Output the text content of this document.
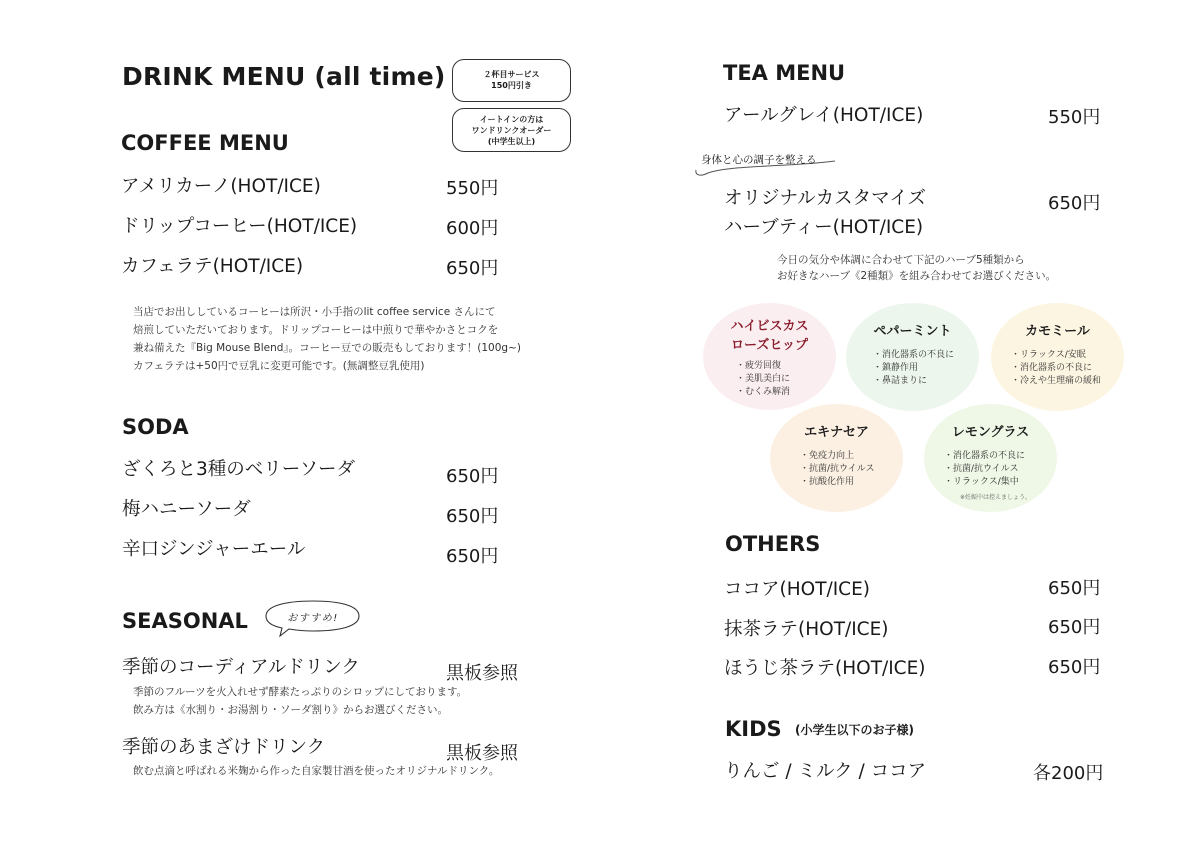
DRINK MENU (all time)	２杯目サービス
150円引き
イートインの方は
ワンドリンクオーダー
(中学生以上)
COFFEE MENU
アメリカーノ(HOT/ICE)	550円
ドリップコーヒー(HOT/ICE)	600円
カフェラテ(HOT/ICE)	650円
当店でお出ししているコーヒーは所沢・小手指のlit coffee service さんにて
焙煎していただいております。ドリップコーヒーは中煎りで華やかさとコクを
兼ね備えた『Big Mouse Blend』。コーヒー豆での販売もしております！(100g~)
カフェラテは+50円で豆乳に変更可能です。(無調整豆乳使用)
SODA
ざくろと3種のベリーソーダ	650円
梅ハニーソーダ	650円
辛口ジンジャーエール	650円
SEASONAL	おすすめ!
季節のコーディアルドリンク	黒板参照
季節のフルーツを火入れせず酵素たっぷりのシロップにしております。
飲み方は《水割り・お湯割り・ソーダ割り》からお選びください。
季節のあまざけドリンク	黒板参照
飲む点滴と呼ばれる米麹から作った自家製甘酒を使ったオリジナルドリンク。
TEA MENU
アールグレイ(HOT/ICE)	550円
身体と心の調子を整える
オリジナルカスタマイズ	650円
ハーブティー(HOT/ICE)
今日の気分や体調に合わせて下記のハーブ5種類から
お好きなハーブ《2種類》を組み合わせてお選びください。
ハイビスカス
ローズヒップ
・ 疲労回復
・ 美肌美白に
・ むくみ解消
ペパーミント
・ 消化器系の不良に
・ 鎮静作用
・ 鼻詰まりに
カモミール
・ リラックス/安眠
・ 消化器系の不良に
・ 冷えや生理痛の緩和
エキナセア
・ 免疫力向上
・ 抗菌/抗ウイルス
・ 抗酸化作用
レモングラス
・ 消化器系の不良に
・ 抗菌/抗ウイルス
・ リラックス/集中
※妊娠中は控えましょう。
OTHERS
ココア(HOT/ICE)	650円
抹茶ラテ(HOT/ICE)	650円
ほうじ茶ラテ(HOT/ICE)	650円
KIDS (小学生以下のお子様)
りんご / ミルク / ココア	各200円
